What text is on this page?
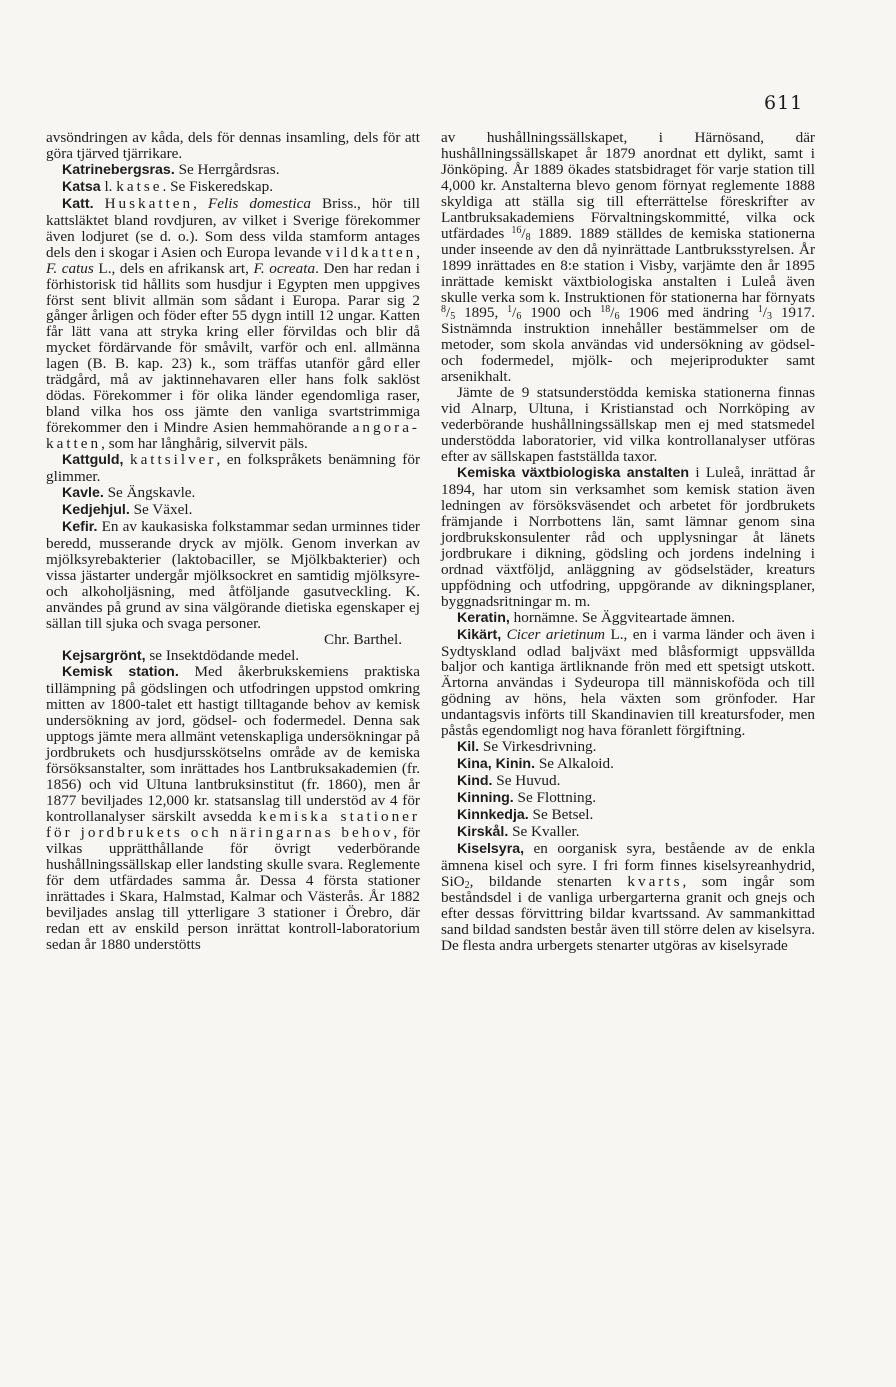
611

avsöndringen av kåda, dels för dennas insamling, dels för att göra tjärved tjärrikare.

Katrinebergsras. Se Herrgårdsras.

Katsa l. katse. Se Fiskeredskap.

Katt. Huskatten, Felis domestica Briss., hör till kattsläktet bland rovdjuren, av vilket i Sverige förekommer även lodjuret (se d. o.). Som dess vilda stamform antages dels den i skogar i Asien och Europa levande vildkatten, F. catus L., dels en afrikansk art, F. ocreata. Den har redan i förhistorisk tid hållits som husdjur i Egypten men uppgives först sent blivit allmän som sådant i Europa. Parar sig 2 gånger årligen och föder efter 55 dygn intill 12 ungar. Katten får lätt vana att stryka kring eller förvildas och blir då mycket fördärvande för småvilt, varför och enl. allmänna lagen (B. B. kap. 23) k., som träffas utanför gård eller trädgård, må av jaktinnehavaren eller hans folk saklöst dödas. Förekommer i för olika länder egendomliga raser, bland vilka hos oss jämte den vanliga svartstrimmiga förekommer den i Mindre Asien hemmahörande angora-katten, som har långhårig, silvervit päls.

Kattguld, kattsilver, en folkspråkets benämning för glimmer.

Kavle. Se Ängskavle.

Kedjehjul. Se Växel.

Kefir. En av kaukasiska folkstammar sedan urminnes tider beredd, musserande dryck av mjölk. Genom inverkan av mjölksyrebakterier (laktobaciller, se Mjölkbakterier) och vissa jästarter undergår mjölksockret en samtidig mjölksyre- och alkoholjäsning, med åtföljande gasutveckling. K. användes på grund av sina välgörande dietiska egenskaper ej sällan till sjuka och svaga personer.

Chr. Barthel.

Kejsargrönt, se Insektdödande medel.

Kemisk station. Med åkerbrukskemiens praktiska tillämpning på gödslingen och utfodringen uppstod omkring mitten av 1800-talet ett hastigt tilltagande behov av kemisk undersökning av jord, gödsel- och fodermedel. Denna sak upptogs jämte mera allmänt vetenskapliga undersökningar på jordbrukets och husdjursskötselns område av de kemiska försöksanstalter, som inrättades hos Lantbruksakademien (fr. 1856) och vid Ultuna lantbruksinstitut (fr. 1860), men år 1877 beviljades 12,000 kr. statsanslag till understöd av 4 för kontrollanalyser särskilt avsedda kemiska stationer för jordbrukets och näringarnas behov, för vilkas upprätthållande för övrigt vederbörande hushållningssällskap eller landsting skulle svara. Reglemente för dem utfärdades samma år. Dessa 4 första stationer inrättades i Skara, Halmstad, Kalmar och Västerås. År 1882 beviljades anslag till ytterligare 3 stationer i Örebro, där redan ett av enskild person inrättat kontroll-laboratorium sedan år 1880 understötts

av hushållningssällskapet, i Härnösand, där hushållningssällskapet år 1879 anordnat ett dylikt, samt i Jönköping. År 1889 ökades statsbidraget för varje station till 4,000 kr. Anstalterna blevo genom förnyat reglemente 1888 skyldiga att ställa sig till efterrättelse föreskrifter av Lantbruksakademiens Förvaltningskommitté, vilka ock utfärdades $^{16}/_8$ 1889. 1889 ställdes de kemiska stationerna under inseende av den då nyinrättade Lantbruksstyrelsen. År 1899 inrättades en 8:e station i Visby, varjämte den år 1895 inrättade kemiskt växtbiologiska anstalten i Luleå även skulle verka som k. Instruktionen för stationerna har förnyats $^8/_5$ 1895, $^1/_6$ 1900 och $^{18}/_6$ 1906 med ändring $^1/_3$ 1917. Sistnämnda instruktion innehåller bestämmelser om de metoder, som skola användas vid undersökning av gödsel- och fodermedel, mjölk- och mejeriprodukter samt arsenikhalt.

Jämte de 9 statsunderstödda kemiska stationerna finnas vid Alnarp, Ultuna, i Kristianstad och Norrköping av vederbörande hushållningssällskap men ej med statsmedel understödda laboratorier, vid vilka kontrollanalyser utföras efter av sällskapen fastställda taxor.

Kemiska växtbiologiska anstalten i Luleå, inrättad år 1894, har utom sin verksamhet som kemisk station även ledningen av försöksväsendet och arbetet för jordbrukets främjande i Norrbottens län, samt lämnar genom sina jordbrukskonsulenter råd och upplysningar åt länets jordbrukare i dikning, gödsling och jordens indelning i ordnad växtföljd, anläggning av gödselstäder, kreaturs uppfödning och utfodring, uppgörande av dikningsplaner, byggnadsritningar m. m.

Keratin, hornämne. Se Äggviteartade ämnen.

Kikärt, Cicer arietinum L., en i varma länder och även i Sydtyskland odlad baljväxt med blåsformigt uppsvällda baljor och kantiga ärtliknande frön med ett spetsigt utskott. Ärtorna användas i Sydeuropa till människoföda och till gödning av höns, hela växten som grönfoder. Har undantagsvis införts till Skandinavien till kreatursfoder, men påstås egendomligt nog hava föranlett förgiftning.

Kil. Se Virkesdrivning.

Kina, Kinin. Se Alkaloid.

Kind. Se Huvud.

Kinning. Se Flottning.

Kinnkedja. Se Betsel.

Kirskål. Se Kvaller.

Kiselsyra, en oorganisk syra, bestående av de enkla ämnena kisel och syre. I fri form finnes kiselsyreanhydrid, SiO$_2$, bildande stenarten kvarts, som ingår som beståndsdel i de vanliga urbergarterna granit och gnejs och efter dessas förvittring bildar kvartssand. Av sammankittad sand bildad sandsten består även till större delen av kiselsyra. De flesta andra urbergets stenarter utgöras av kiselsyrade
